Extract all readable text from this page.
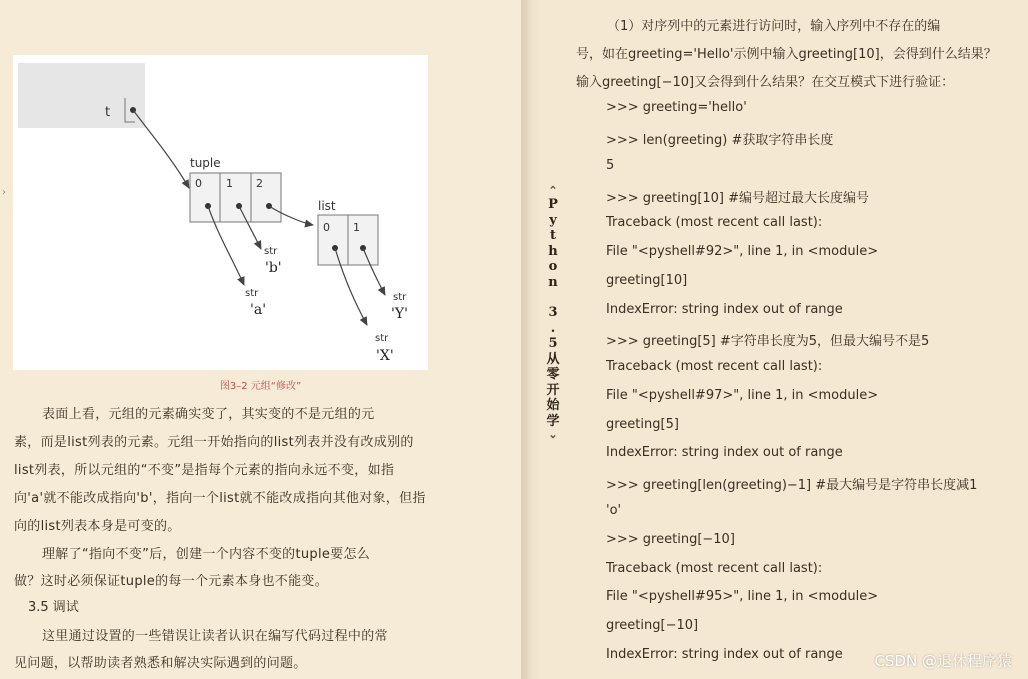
›
t
tuple
0 1 2
str
'b'
str
'a'
list
0 1
str
'Y'
str
'X'
图3–2 元组“修改”
表面上看，元组的元素确实变了，其实变的不是元组的元
素，而是list列表的元素。元组一开始指向的list列表并没有改成别的
list列表，所以元组的“不变”是指每个元素的指向永远不变，如指
向'a'就不能改成指向'b'，指向一个list就不能改成指向其他对象，但指
向的list列表本身是可变的。
理解了“指向不变”后，创建一个内容不变的tuple要怎么
做？这时必须保证tuple的每一个元素本身也不能变。
3.5 调试
这里通过设置的一些错误让读者认识在编写代码过程中的常
见问题，以帮助读者熟悉和解决实际遇到的问题。
⌃
P
y
t
h
o
n
3
.
5
从
零
开
始
学
⌄
（1）对序列中的元素进行访问时，输入序列中不存在的编
号，如在greeting='Hello'示例中输入greeting[10]，会得到什么结果？
输入greeting[−10]又会得到什么结果？在交互模式下进行验证：
>>> greeting='hello'
>>> len(greeting) #获取字符串长度
5
>>> greeting[10] #编号超过最大长度编号
Traceback (most recent call last):
File "<pyshell#92>", line 1, in <module>
greeting[10]
IndexError: string index out of range
>>> greeting[5] #字符串长度为5，但最大编号不是5
Traceback (most recent call last):
File "<pyshell#97>", line 1, in <module>
greeting[5]
IndexError: string index out of range
>>> greeting[len(greeting)−1] #最大编号是字符串长度减1
'o'
>>> greeting[−10]
Traceback (most recent call last):
File "<pyshell#95>", line 1, in <module>
greeting[−10]
IndexError: string index out of range CSDN @退休程序猿
